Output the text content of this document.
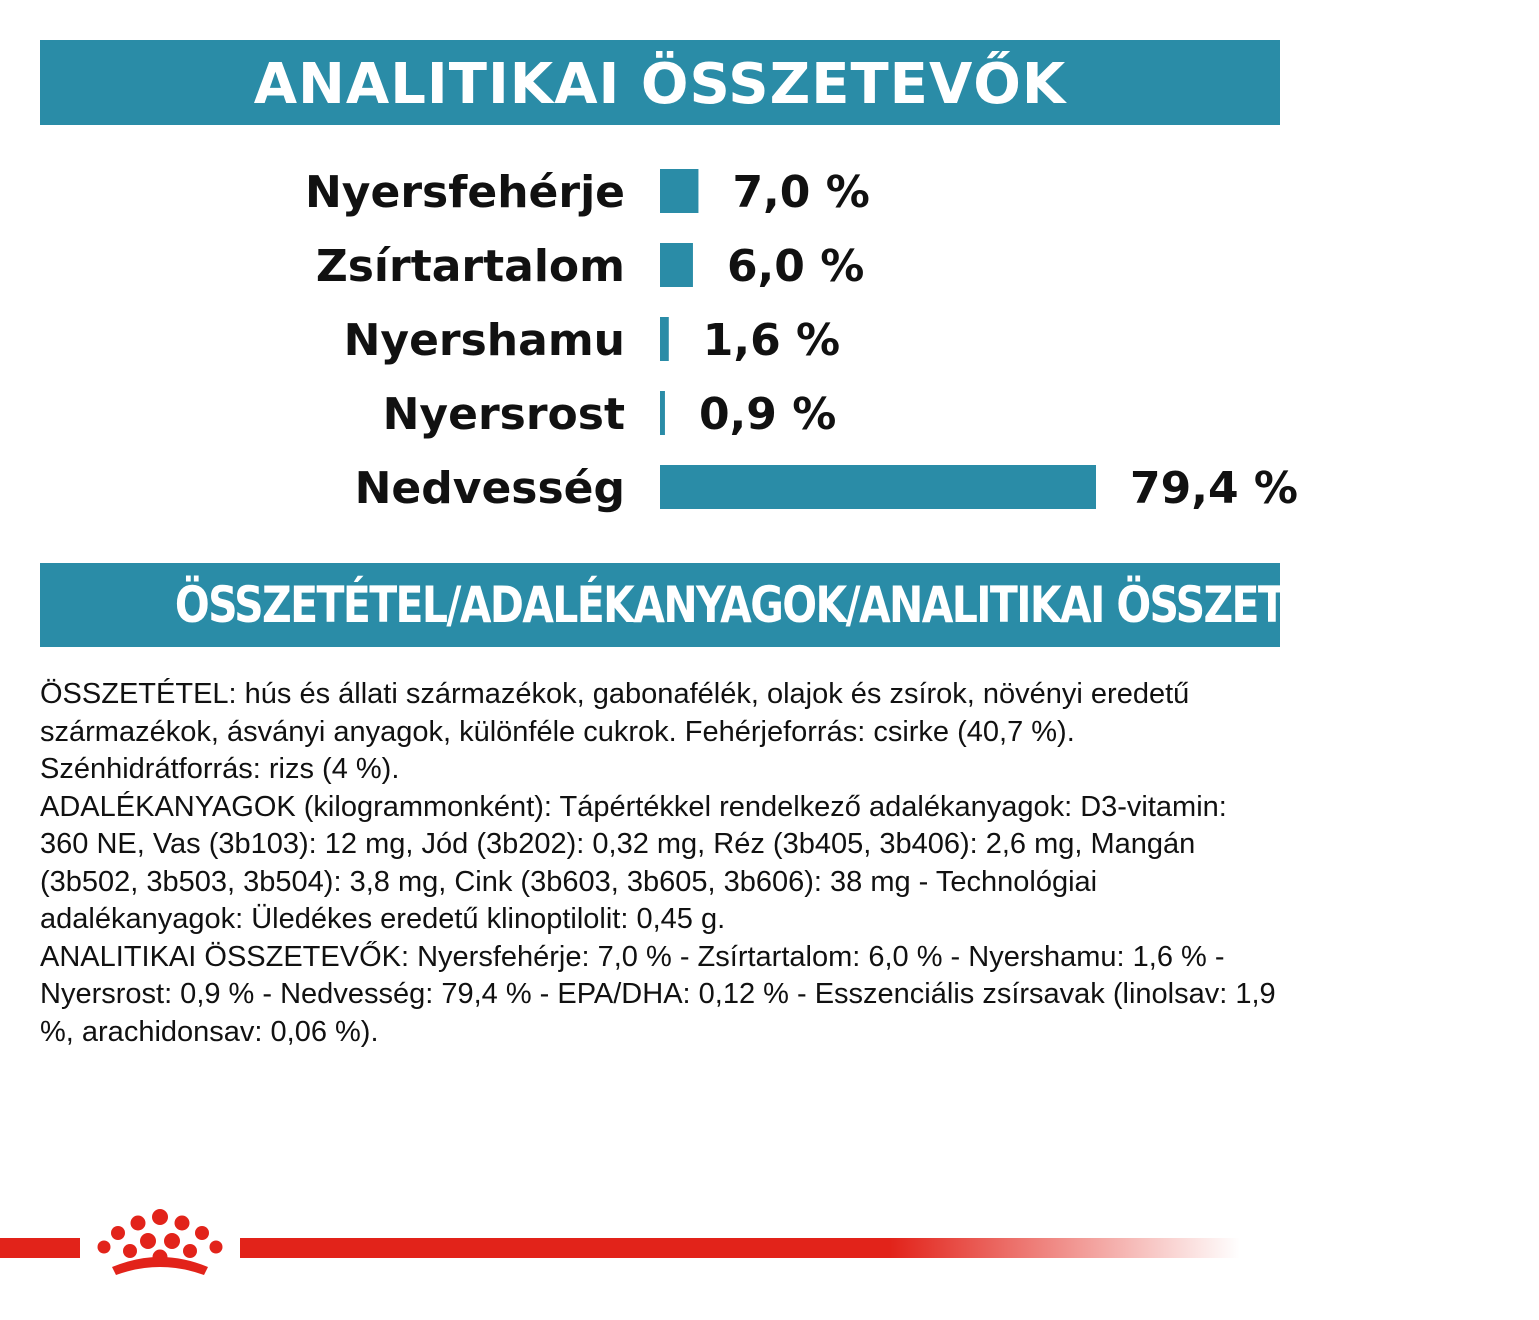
ANALITIKAI ÖSSZETEVŐK
Nyersfehérje 7,0 %
Zsírtartalom 6,0 %
Nyershamu 1,6 %
Nyersrost 0,9 %
Nedvesség	79,4 %
ÖSSZETÉTEL/ADALÉKANYAGOK/ANALITIKAI ÖSSZETEVŐK

ÖSSZETÉTEL: hús és állati származékok, gabonafélék, olajok és zsírok, növényi eredetű származékok, ásványi anyagok, különféle cukrok. Fehérjeforrás: csirke (40,7 %). Szénhidrátforrás: rizs (4 %).

ADALÉKANYAGOK (kilogrammonként): Tápértékkel rendelkező adalékanyagok: D3-vitamin: 360 NE, Vas (3b103): 12 mg, Jód (3b202): 0,32 mg, Réz (3b405, 3b406): 2,6 mg, Mangán (3b502, 3b503, 3b504): 3,8 mg, Cink (3b603, 3b605, 3b606): 38 mg - Technológiai adalékanyagok: Üledékes eredetű klinoptilolit: 0,45 g.

ANALITIKAI ÖSSZETEVŐK: Nyersfehérje: 7,0 % - Zsírtartalom: 6,0 % - Nyershamu: 1,6 % - Nyersrost: 0,9 % - Nedvesség: 79,4 % - EPA/DHA: 0,12 % - Esszenciális zsírsavak (linolsav: 1,9 %, arachidonsav: 0,06 %).
